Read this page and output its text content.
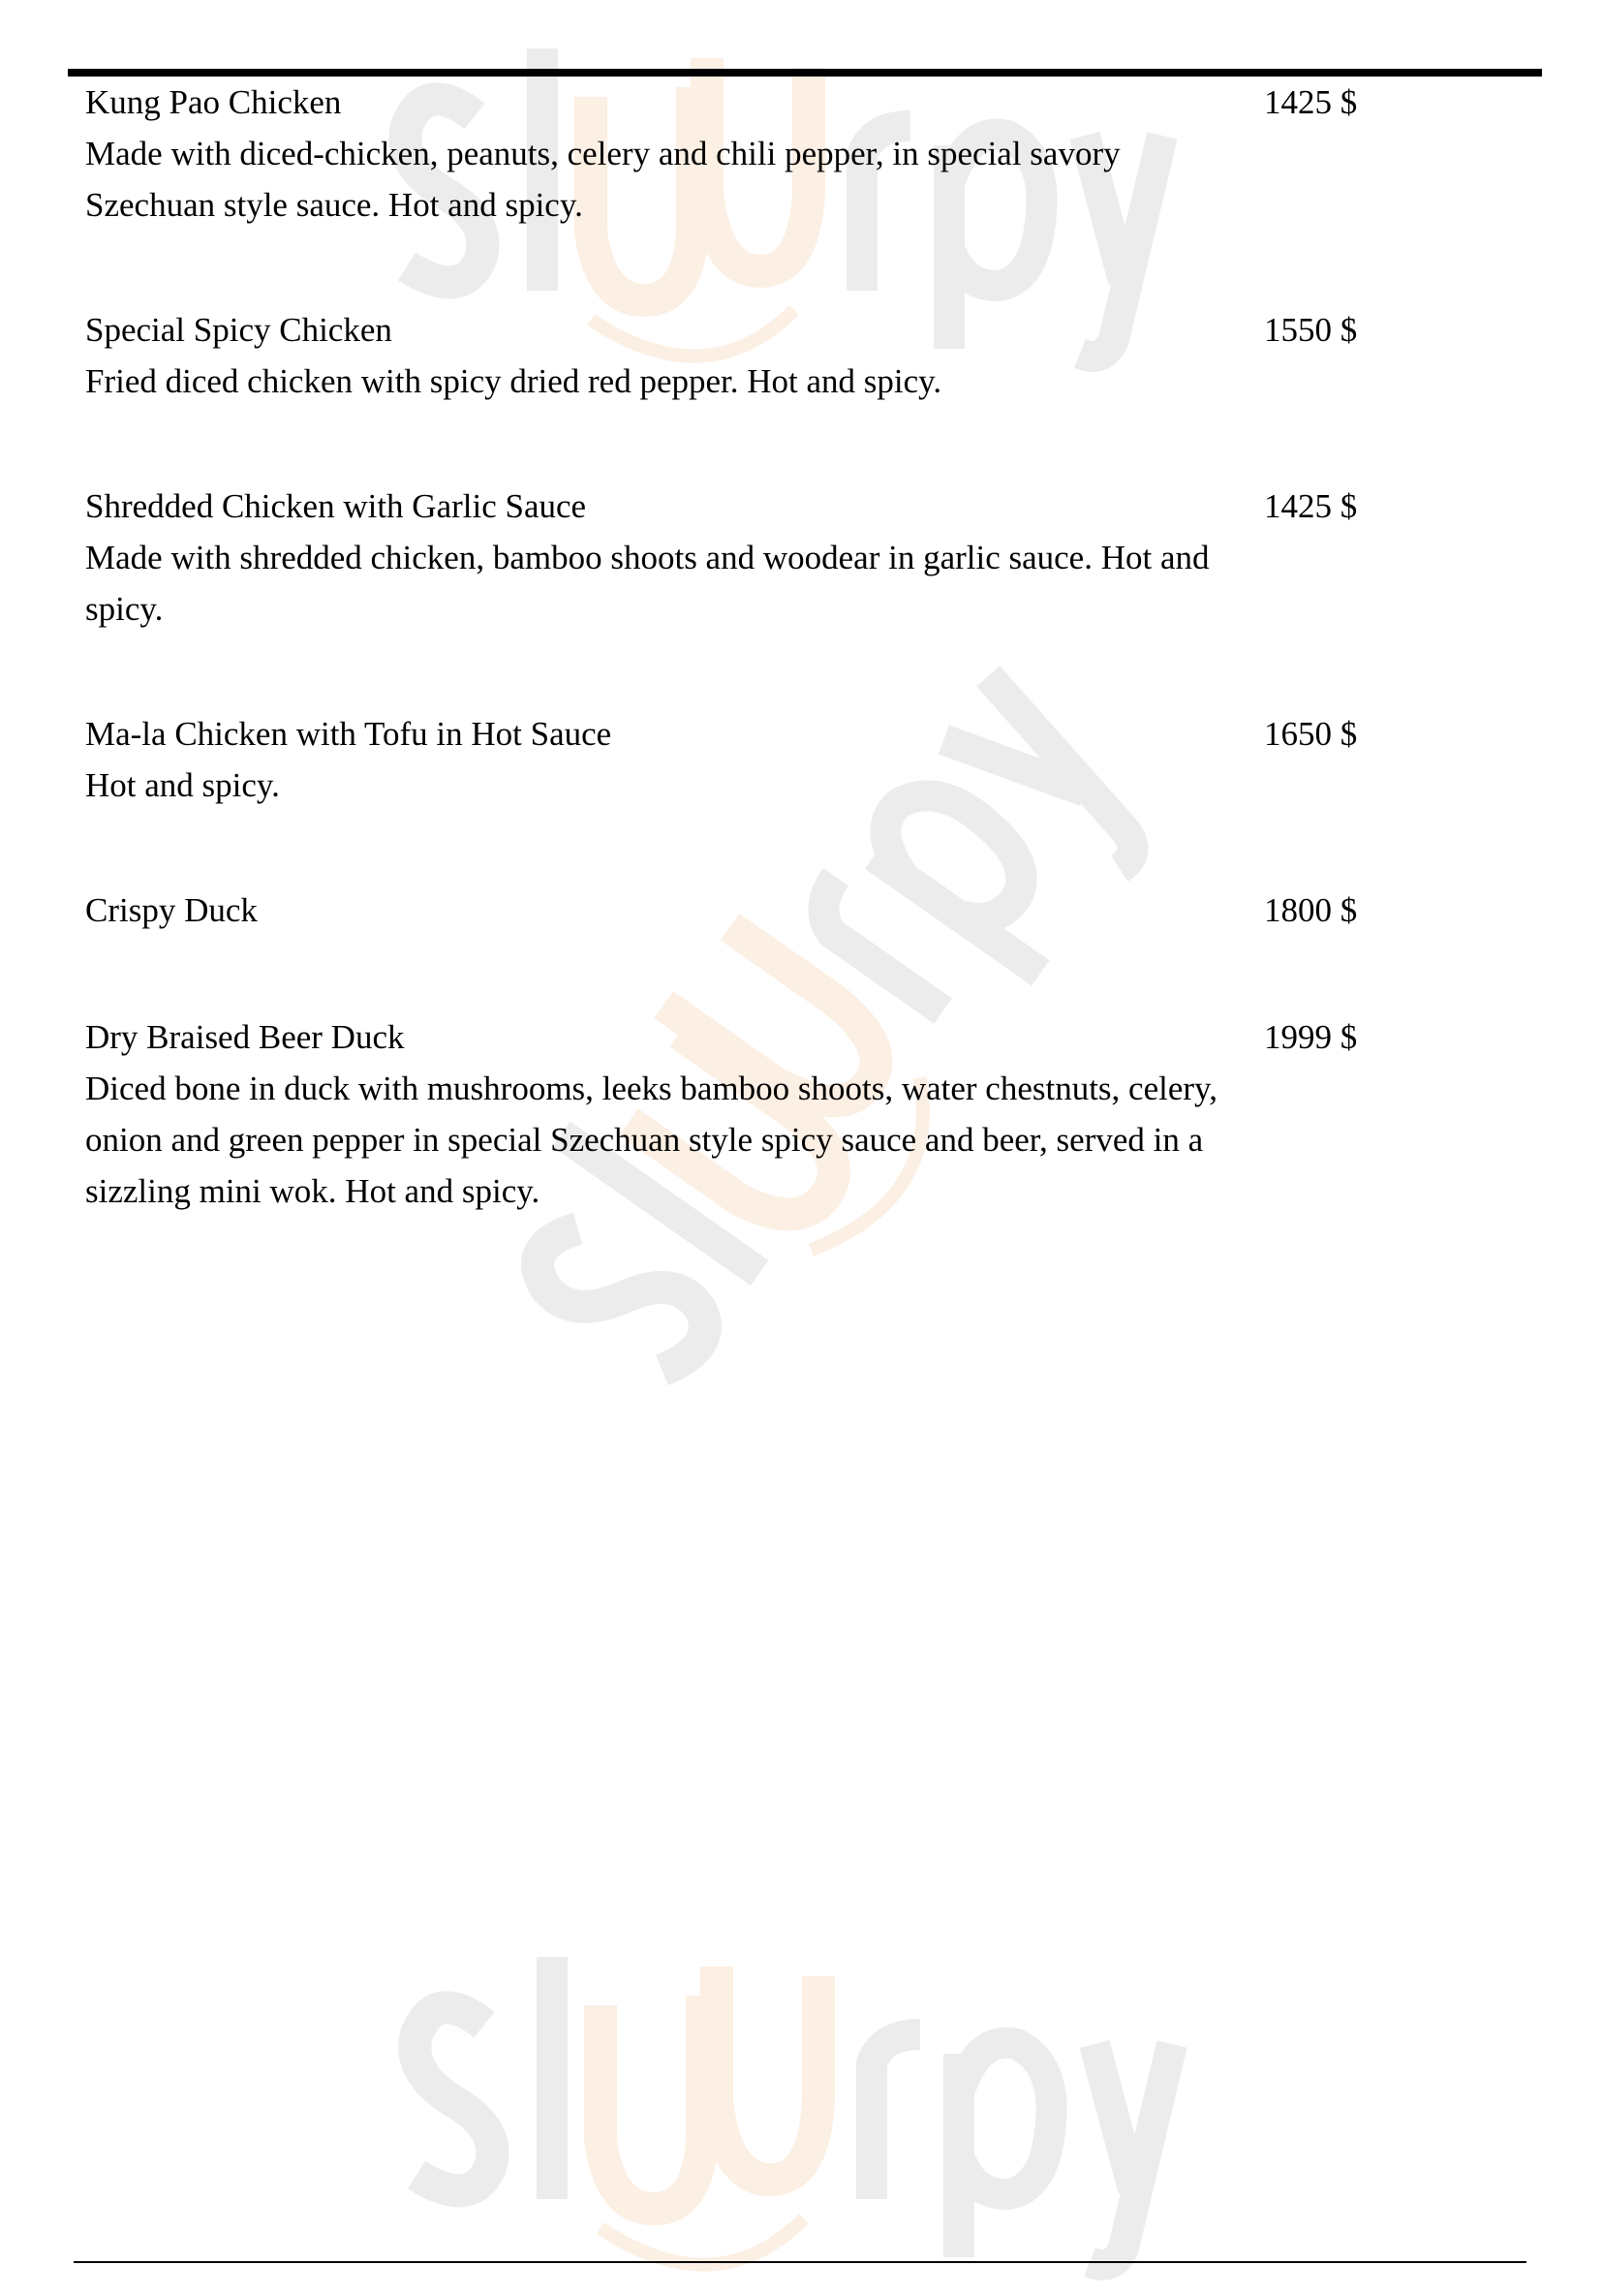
Kung Pao Chicken
Made with diced-chicken, peanuts, celery and chili pepper, in special savory Szechuan style sauce. Hot and spicy.
1425 $
Special Spicy Chicken
Fried diced chicken with spicy dried red pepper. Hot and spicy.
1550 $
Shredded Chicken with Garlic Sauce
Made with shredded chicken, bamboo shoots and woodear in garlic sauce. Hot and spicy.
1425 $
Ma-la Chicken with Tofu in Hot Sauce
Hot and spicy.
1650 $
Crispy Duck	1800 $
Dry Braised Beer Duck
Diced bone in duck with mushrooms, leeks bamboo shoots, water chestnuts, celery, onion and green pepper in special Szechuan style spicy sauce and beer, served in a sizzling mini wok. Hot and spicy.
1999 $
